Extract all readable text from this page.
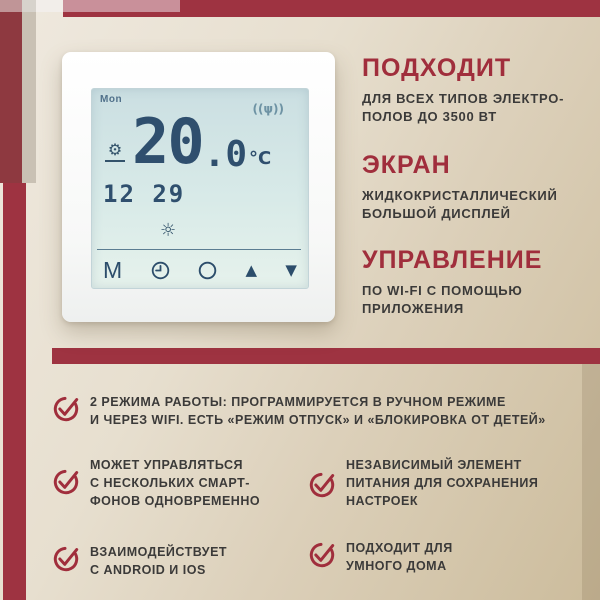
Mon
((ψ))
20 .0 °C
⚙
12 29
☼
M	▲ ▼
ПОДХОДИТ
ДЛЯ ВСЕХ ТИПОВ ЭЛЕКТРО-
ПОЛОВ ДО 3500 ВТ
ЭКРАН
ЖИДКОКРИСТАЛЛИЧЕСКИЙ
БОЛЬШОЙ ДИСПЛЕЙ
УПРАВЛЕНИЕ
ПО WI-FI С ПОМОЩЬЮ
ПРИЛОЖЕНИЯ
2 РЕЖИМА РАБОТЫ: ПРОГРАММИРУЕТСЯ В РУЧНОМ РЕЖИМЕ
И ЧЕРЕЗ WIFI. ЕСТЬ «РЕЖИМ ОТПУСК» И «БЛОКИРОВКА ОТ ДЕТЕЙ»
МОЖЕТ УПРАВЛЯТЬСЯ
С НЕСКОЛЬКИХ СМАРТ-
ФОНОВ ОДНОВРЕМЕННО
НЕЗАВИСИМЫЙ ЭЛЕМЕНТ
ПИТАНИЯ ДЛЯ СОХРАНЕНИЯ
НАСТРОЕК
ВЗАИМОДЕЙСТВУЕТ
С ANDROID И IOS
ПОДХОДИТ ДЛЯ
УМНОГО ДОМА
